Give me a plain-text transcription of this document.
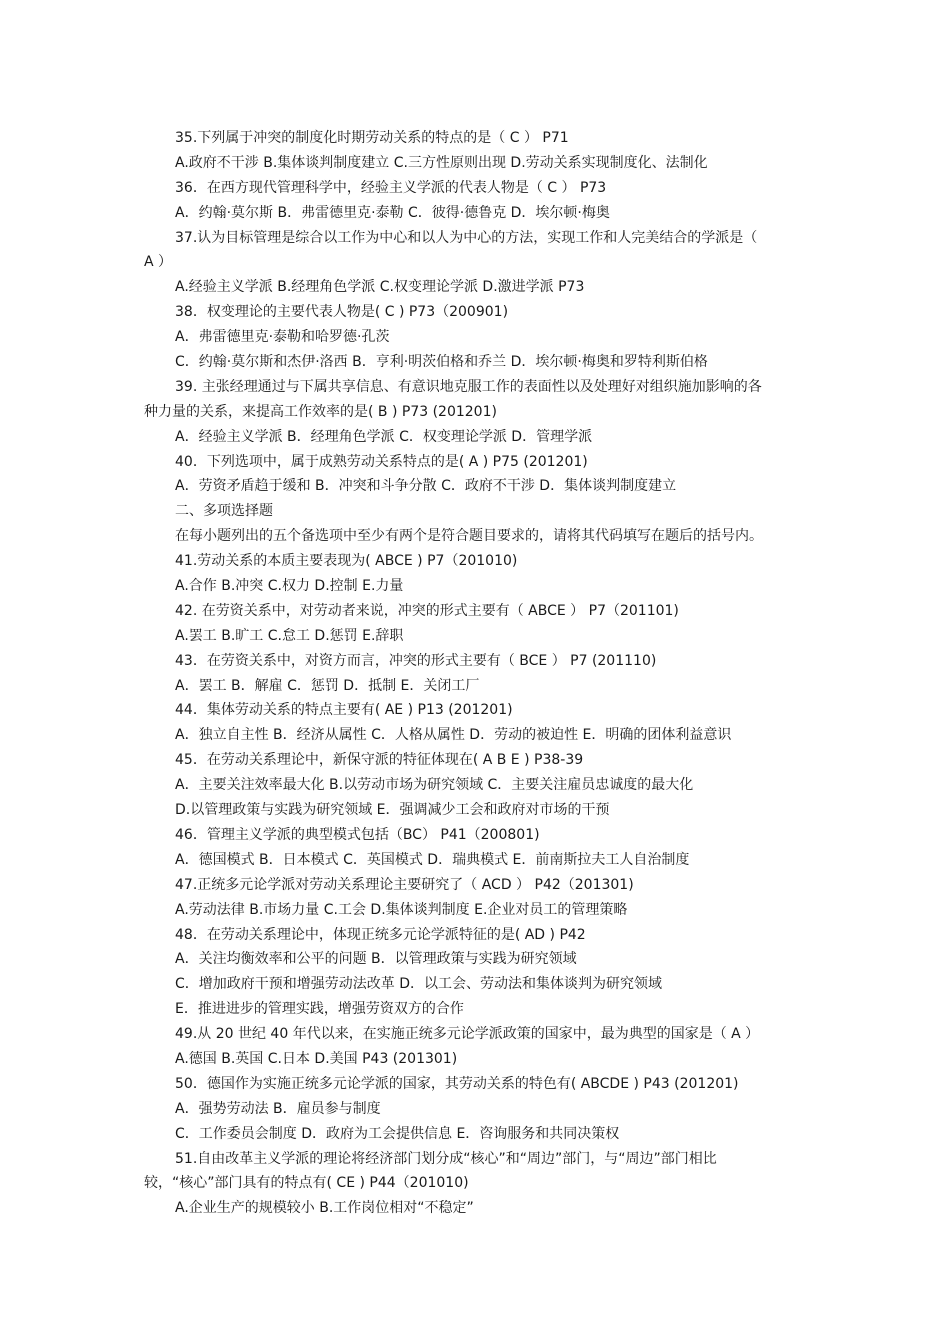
35.下列属于冲突的制度化时期劳动关系的特点的是（ C ） P71
A.政府不干涉 B.集体谈判制度建立 C.三方性原则出现 D.劳动关系实现制度化、法制化
36．在西方现代管理科学中，经验主义学派的代表人物是（ C ） P73
A．约翰·莫尔斯 B．弗雷德里克·泰勒 C．彼得·德鲁克 D．埃尔顿·梅奥
37.认为目标管理是综合以工作为中心和以人为中心的方法，实现工作和人完美结合的学派是（
A ）
A.经验主义学派 B.经理角色学派 C.权变理论学派 D.激进学派 P73
38．权变理论的主要代表人物是( C ) P73（200901)
A．弗雷德里克·泰勒和哈罗德·孔茨
C．约翰·莫尔斯和杰伊·洛西 B．亨利·明茨伯格和乔兰 D．埃尔顿·梅奥和罗特利斯伯格
39. 主张经理通过与下属共享信息、有意识地克服工作的表面性以及处理好对组织施加影响的各
种力量的关系，来提高工作效率的是( B ) P73 (201201)
A．经验主义学派 B．经理角色学派 C．权变理论学派 D．管理学派
40．下列选项中，属于成熟劳动关系特点的是( A ) P75 (201201)
A．劳资矛盾趋于缓和 B．冲突和斗争分散 C．政府不干涉 D．集体谈判制度建立
二、多项选择题
在每小题列出的五个备选项中至少有两个是符合题目要求的，请将其代码填写在题后的括号内。
41.劳动关系的本质主要表现为( ABCE ) P7（201010)
A.合作 B.冲突 C.权力 D.控制 E.力量
42. 在劳资关系中，对劳动者来说，冲突的形式主要有（ ABCE ） P7（201101)
A.罢工 B.旷工 C.怠工 D.惩罚 E.辞职
43．在劳资关系中，对资方而言，冲突的形式主要有（ BCE ） P7 (201110)
A．罢工 B．解雇 C．惩罚 D．抵制 E．关闭工厂
44．集体劳动关系的特点主要有( AE ) P13 (201201)
A．独立自主性 B．经济从属性 C．人格从属性 D．劳动的被迫性 E．明确的团体利益意识
45．在劳动关系理论中，新保守派的特征体现在( A B E ) P38-39
A．主要关注效率最大化 B.以劳动市场为研究领域 C．主要关注雇员忠诚度的最大化
D.以管理政策与实践为研究领域 E．强调减少工会和政府对市场的干预
46．管理主义学派的典型模式包括（BC） P41（200801)
A．德国模式 B．日本模式 C．英国模式 D．瑞典模式 E．前南斯拉夫工人自治制度
47.正统多元论学派对劳动关系理论主要研究了（ ACD ） P42（201301)
A.劳动法律 B.市场力量 C.工会 D.集体谈判制度 E.企业对员工的管理策略
48．在劳动关系理论中，体现正统多元论学派特征的是( AD ) P42
A．关注均衡效率和公平的问题 B．以管理政策与实践为研究领域
C．增加政府干预和增强劳动法改革 D．以工会、劳动法和集体谈判为研究领域
E．推进进步的管理实践，增强劳资双方的合作
49.从 20 世纪 40 年代以来，在实施正统多元论学派政策的国家中，最为典型的国家是（ A ）
A.德国 B.英国 C.日本 D.美国 P43 (201301)
50．德国作为实施正统多元论学派的国家，其劳动关系的特色有( ABCDE ) P43 (201201)
A．强势劳动法 B．雇员参与制度
C．工作委员会制度 D．政府为工会提供信息 E．咨询服务和共同决策权
51.自由改革主义学派的理论将经济部门划分成“核心”和“周边”部门，与“周边”部门相比
较，“核心”部门具有的特点有( CE ) P44（201010)
A.企业生产的规模较小 B.工作岗位相对“不稳定”
